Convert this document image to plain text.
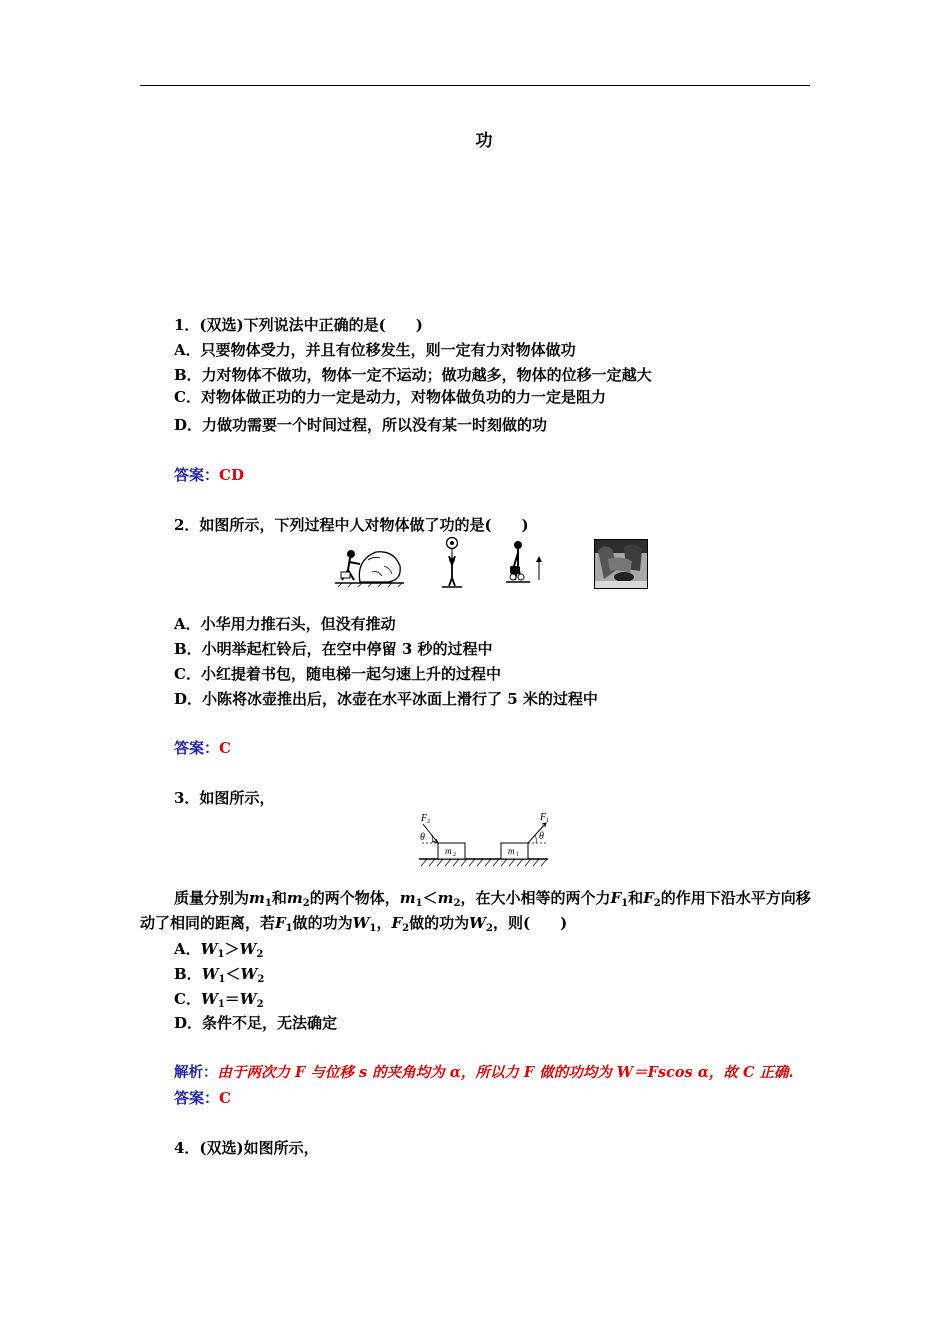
功
1．(双选)下列说法中正确的是(　　)
A．只要物体受力，并且有位移发生，则一定有力对物体做功
B．力对物体不做功，物体一定不运动；做功越多，物体的位移一定越大
C．对物体做正功的力一定是动力，对物体做负功的力一定是阻力
D．力做功需要一个时间过程，所以没有某一时刻做的功
答案：CD
2．如图所示，下列过程中人对物体做了功的是(　　)
A．小华用力推石头，但没有推动
B．小明举起杠铃后，在空中停留 3 秒的过程中
C．小红提着书包，随电梯一起匀速上升的过程中
D．小陈将冰壶推出后，冰壶在水平冰面上滑行了 5 米的过程中
答案：C
3．如图所示，
θ	θ
F 2	F 1
m 2	m 1
质量分别为$m_1$和$m_2$的两个物体，$m_1<m_2$，在大小相等的两个力$F_1$和$F_2$的作用下沿水平方向移动了相同的距离，若$F_1$做的功为$W_1$，$F_2$做的功为$W_2$，则(　　)
A．$W_1>W_2$
B．$W_1<W_2$
C．$W_1=W_2$
D．条件不足，无法确定
解析：由于两次力 F 与位移 s 的夹角均为 α，所以力 F 做的功均为 W＝Fscos α，故 C 正确.
答案：C
4．(双选)如图所示，
